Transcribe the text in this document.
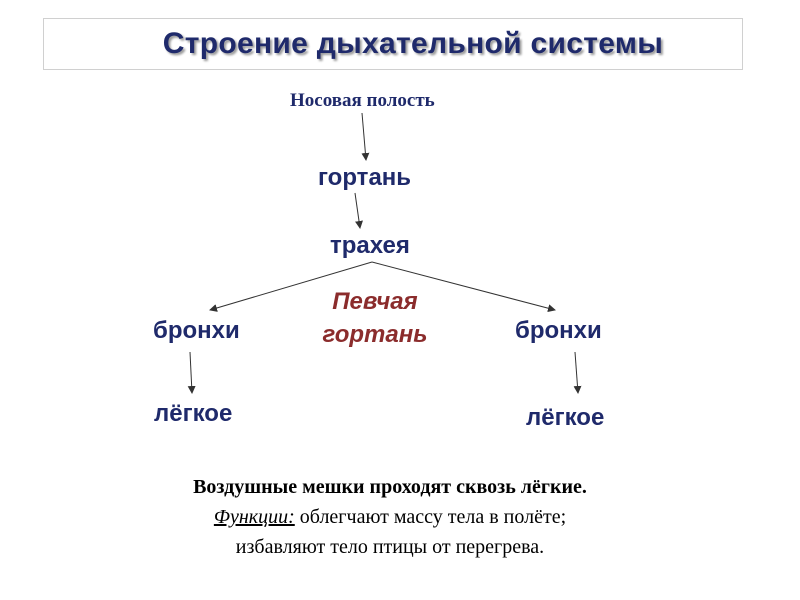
Строение дыхательной системы
Носовая полость
гортань
трахея
бронхи	бронхи
лёгкое	лёгкое
Певчая
гортань
Воздушные мешки проходят сквозь лёгкие.
Функции: облегчают массу тела в полёте;
избавляют тело птицы от перегрева.
